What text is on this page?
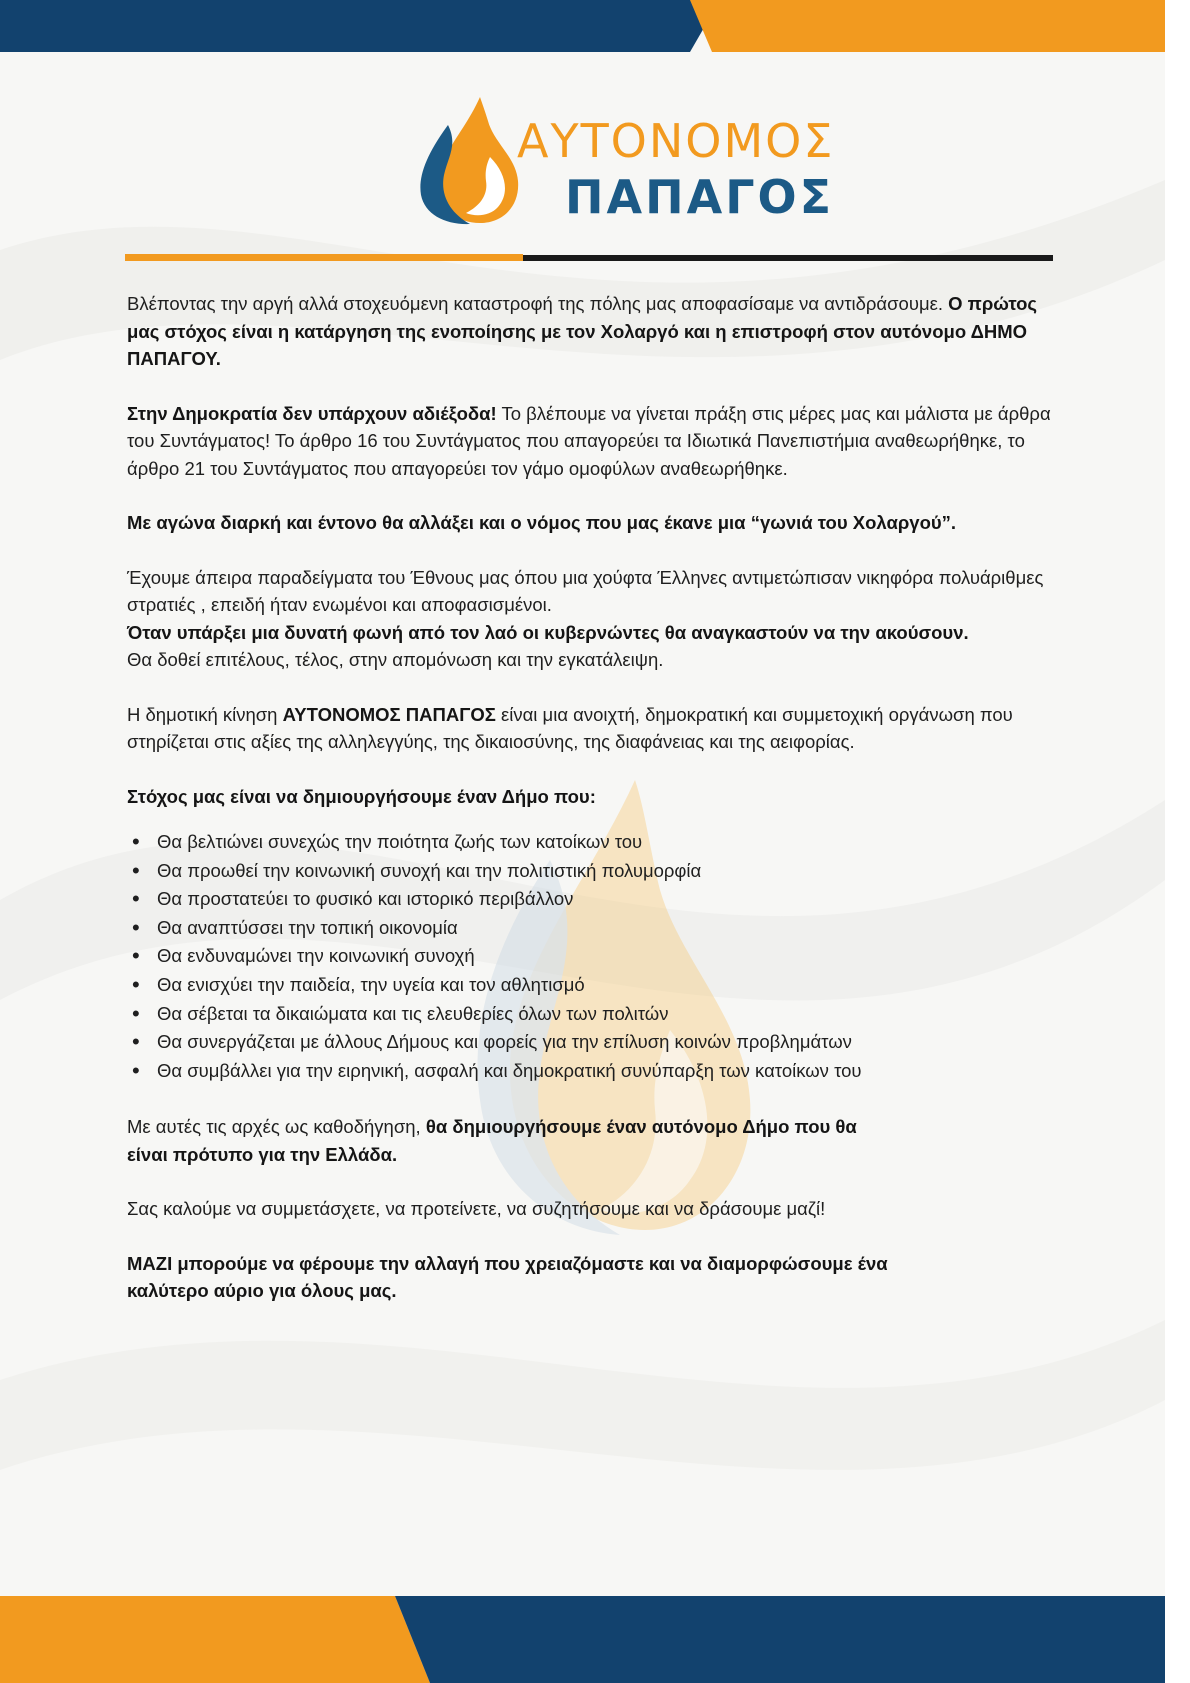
ΑΥΤΟΝΟΜΟΣ
ΠΑΠΑΓΟΣ

Βλέποντας την αργή αλλά στοχευόμενη καταστροφή της πόλης μας αποφασίσαμε να αντιδράσουμε. Ο πρώτος μας στόχος είναι η κατάργηση της ενοποίησης με τον Χολαργό και η επιστροφή στον αυτόνομο ΔΗΜΟ ΠΑΠΑΓΟΥ.

Στην Δημοκρατία δεν υπάρχουν αδιέξοδα! Το βλέπουμε να γίνεται πράξη στις μέρες μας και μάλιστα με άρθρα του Συντάγματος! Το άρθρο 16 του Συντάγματος που απαγορεύει τα Ιδιωτικά Πανεπιστήμια αναθεωρήθηκε, το άρθρο 21 του Συντάγματος που απαγορεύει τον γάμο ομοφύλων αναθεωρήθηκε.

Με αγώνα διαρκή και έντονο θα αλλάξει και ο νόμος που μας έκανε μια “γωνιά του Χολαργού”.

Έχουμε άπειρα παραδείγματα του Έθνους μας όπου μια χούφτα Έλληνες αντιμετώπισαν νικηφόρα πολυάριθμες στρατιές , επειδή ήταν ενωμένοι και αποφασισμένοι.
Όταν υπάρξει μια δυνατή φωνή από τον λαό οι κυβερνώντες θα αναγκαστούν να την ακούσουν.
Θα δοθεί επιτέλους, τέλος, στην απομόνωση και την εγκατάλειψη.

Η δημοτική κίνηση ΑΥΤΟΝΟΜΟΣ ΠΑΠΑΓΟΣ είναι μια ανοιχτή, δημοκρατική και συμμετοχική οργάνωση που στηρίζεται στις αξίες της αλληλεγγύης, της δικαιοσύνης, της διαφάνειας και της αειφορίας.

Στόχος μας είναι να δημιουργήσουμε έναν Δήμο που:

• Θα βελτιώνει συνεχώς την ποιότητα ζωής των κατοίκων του
• Θα προωθεί την κοινωνική συνοχή και την πολιτιστική πολυμορφία
• Θα προστατεύει το φυσικό και ιστορικό περιβάλλον
• Θα αναπτύσσει την τοπική οικονομία
• Θα ενδυναμώνει την κοινωνική συνοχή
• Θα ενισχύει την παιδεία, την υγεία και τον αθλητισμό
• Θα σέβεται τα δικαιώματα και τις ελευθερίες όλων των πολιτών
• Θα συνεργάζεται με άλλους Δήμους και φορείς για την επίλυση κοινών προβλημάτων
• Θα συμβάλλει για την ειρηνική, ασφαλή και δημοκρατική συνύπαρξη των κατοίκων του

Με αυτές τις αρχές ως καθοδήγηση, θα δημιουργήσουμε έναν αυτόνομο Δήμο που θα είναι πρότυπο για την Ελλάδα.

Σας καλούμε να συμμετάσχετε, να προτείνετε, να συζητήσουμε και να δράσουμε μαζί!

ΜΑΖΙ μπορούμε να φέρουμε την αλλαγή που χρειαζόμαστε και να διαμορφώσουμε ένα καλύτερο αύριο για όλους μας.
